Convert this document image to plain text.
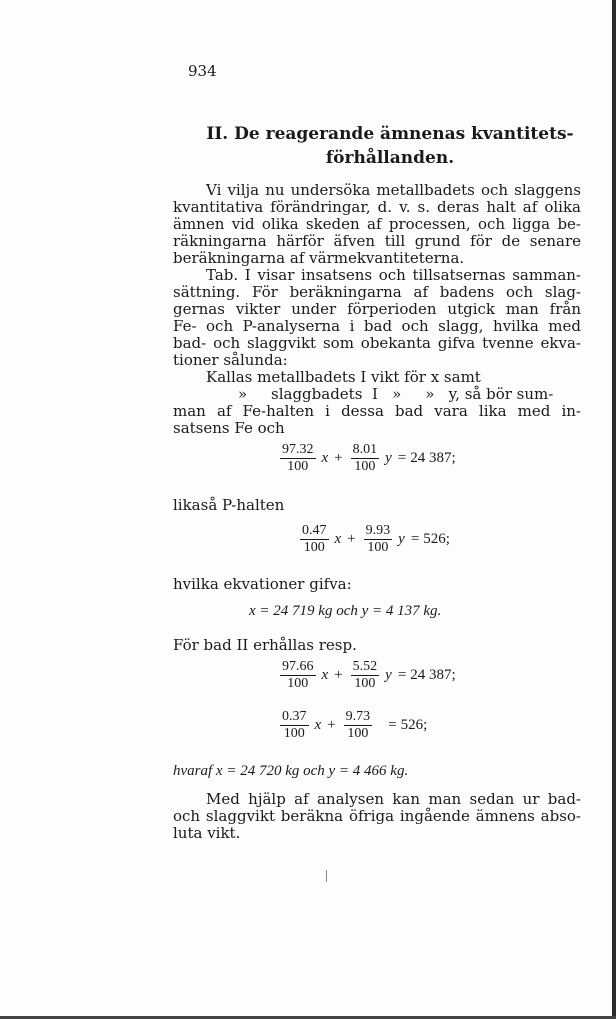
934
II. De reagerande ämnenas kvantitets-
förhållanden.
Vi vilja nu undersöka metallbadets och slaggens
kvantitativa förändringar, d. v. s. deras halt af olika
ämnen vid olika skeden af processen, och ligga be-
räkningarna härför äfven till grund för de senare
beräkningarna af värmekvantiteterna.
Tab. I visar insatsens och tillsatsernas samman-
sättning. För beräkningarna af badens och slag-
gernas vikter under förperioden utgick man från
Fe- och P-analyserna i bad och slagg, hvilka med
bad- och slaggvikt som obekanta gifva tvenne ekva-
tioner sålunda:
Kallas metallbadets I vikt för x samt
»     slaggbadets  I   »     »   y, så bör sum-
man af Fe-halten i dessa bad vara lika med in-
satsens Fe och
$\frac{97.32}{100}$ $x + \frac{8.01}{100}$ y = 24 387;
likaså P-halten
$\frac{0.47}{100}$ $x + \frac{9.93}{100}$ y = 526;
hvilka ekvationer gifva:
x = 24 719 kg och y = 4 137 kg.
För bad II erhållas resp.
$\frac{97.66}{100}$ $x + \frac{5.52}{100}$ y = 24 387;
$\frac{0.37}{100}$ $x + \frac{9.73}{100} = 526$;
hvaraf x = 24 720 kg och y = 4 466 kg.
Med hjälp af analysen kan man sedan ur bad-
och slaggvikt beräkna öfriga ingående ämnens abso-
luta vikt.
